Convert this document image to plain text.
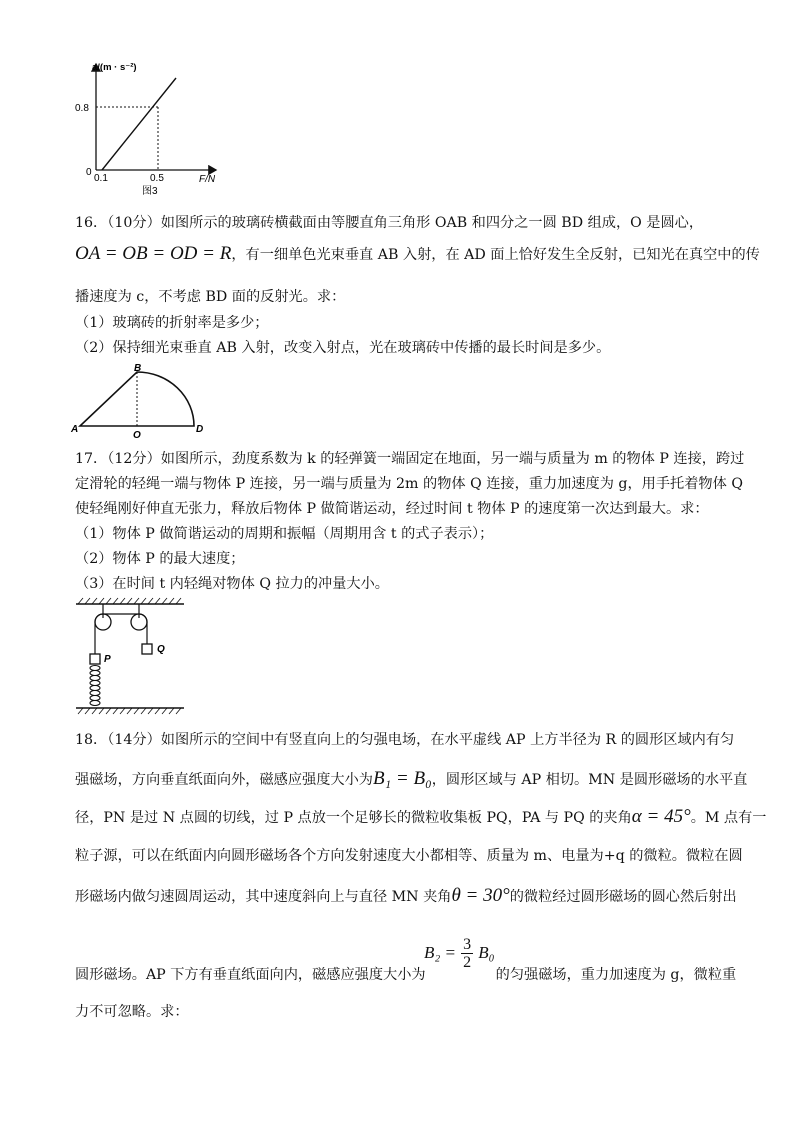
a/(m · s⁻²)
0.8
0
0.1	0.5	F/N
图3
16．（10分）如图所示的玻璃砖横截面由等腰直角三角形 OAB 和四分之一圆 BD 组成，O 是圆心，
OA = OB = OD = R，有一细单色光束垂直 AB 入射，在 AD 面上恰好发生全反射，已知光在真空中的传
播速度为 c，不考虑 BD 面的反射光。求：
（1）玻璃砖的折射率是多少；
（2）保持细光束垂直 AB 入射，改变入射点，光在玻璃砖中传播的最长时间是多少。
B
A
O
D
17．（12分）如图所示，劲度系数为 k 的轻弹簧一端固定在地面，另一端与质量为 m 的物体 P 连接，跨过
定滑轮的轻绳一端与物体 P 连接，另一端与质量为 2m 的物体 Q 连接，重力加速度为 g，用手托着物体 Q
使轻绳刚好伸直无张力，释放后物体 P 做简谐运动，经过时间 t 物体 P 的速度第一次达到最大。求：
（1）物体 P 做简谐运动的周期和振幅（周期用含 t 的式子表示）；
（2）物体 P 的最大速度；
（3）在时间 t 内轻绳对物体 Q 拉力的冲量大小。
P
Q
18．（14分）如图所示的空间中有竖直向上的匀强电场，在水平虚线 AP 上方半径为 R 的圆形区域内有匀
强磁场，方向垂直纸面向外，磁感应强度大小为B₁ = B₀，圆形区域与 AP 相切。MN 是圆形磁场的水平直
径，PN 是过 N 点圆的切线，过 P 点放一个足够长的微粒收集板 PQ，PA 与 PQ 的夹角α = 45°。M 点有一
粒子源，可以在纸面内向圆形磁场各个方向发射速度大小都相等、质量为 m、电量为+q 的微粒。微粒在圆
形磁场内做匀速圆周运动，其中速度斜向上与直径 MN 夹角θ = 30°的微粒经过圆形磁场的圆心然后射出
$B_2 = \frac{3}{2} B_0$
圆形磁场。AP 下方有垂直纸面向内，磁感应强度大小为	的匀强磁场，重力加速度为 g，微粒重
力不可忽略。求：
